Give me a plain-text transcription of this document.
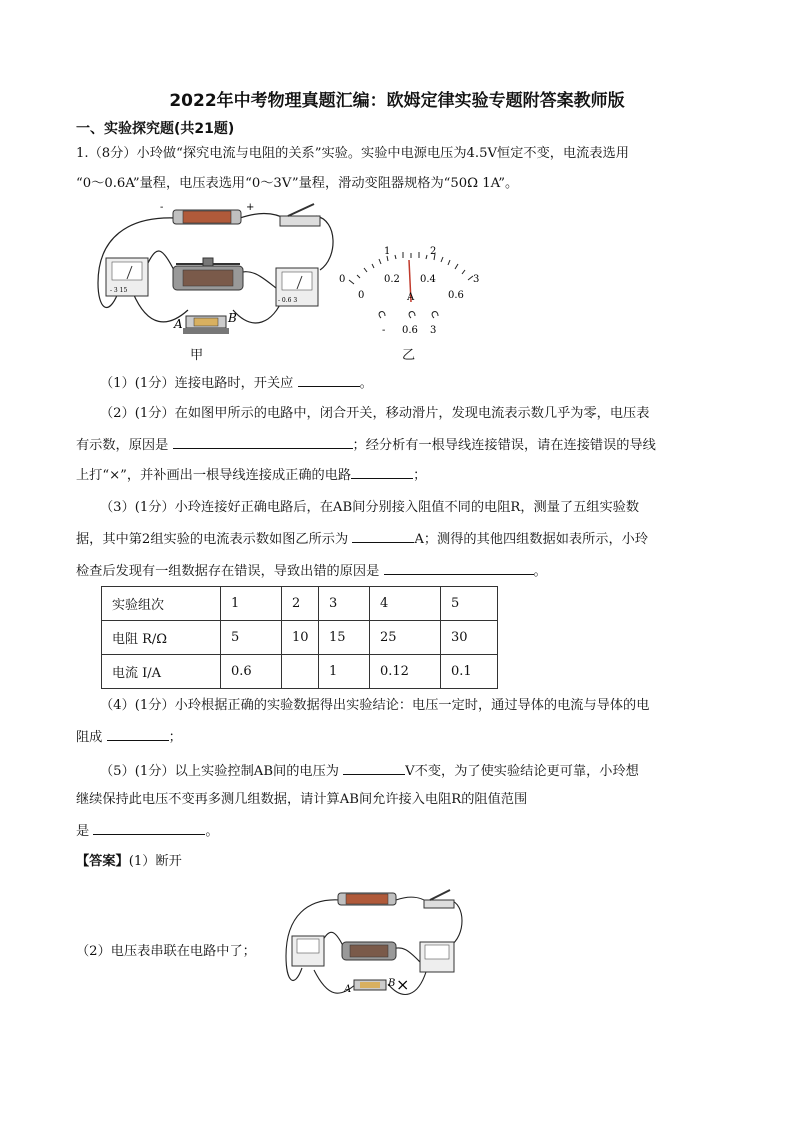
2022年中考物理真题汇编：欧姆定律实验专题附答案教师版
一、实验探究题(共21题)
1.（8分）小玲做“探究电流与电阻的关系”实验。实验中电源电压为4.5V恒定不变，电流表选用
“0～0.6A”量程，电压表选用“0～3V”量程，滑动变阻器规格为“50Ω 1A”。
-	+
- 3 15
- 0.6 3
A	B
甲
0
1	2
3
0
0.2 0.4
0.6
A
- 0.6 3
乙
（1）(1分）连接电路时，开关应	。
（2）(1分）在如图甲所示的电路中，闭合开关，移动滑片，发现电流表示数几乎为零，电压表
有示数，原因是	；经分析有一根导线连接错误，请在连接错误的导线
上打“×”，并补画出一根导线连接成正确的电路	；
（3）(1分）小玲连接好正确电路后，在AB间分别接入阻值不同的电阻R，测量了五组实验数
据，其中第2组实验的电流表示数如图乙所示为	A；测得的其他四组数据如表所示，小玲
检查后发现有一组数据存在错误，导致出错的原因是	。
实验组次	1	2	3	4	5
电阻 R/Ω	5	10	15	25	30
电流 I/A	0.6		1	0.12	0.1
（4）(1分）小玲根据正确的实验数据得出实验结论：电压一定时，通过导体的电流与导体的电
阻成	；
（5）(1分）以上实验控制AB间的电压为	V不变，为了使实验结论更可靠，小玲想
继续保持此电压不变再多测几组数据，请计算AB间允许接入电阻R的阻值范围
是	。
【答案】(1）断开
A
B ×
（2）电压表串联在电路中了；
